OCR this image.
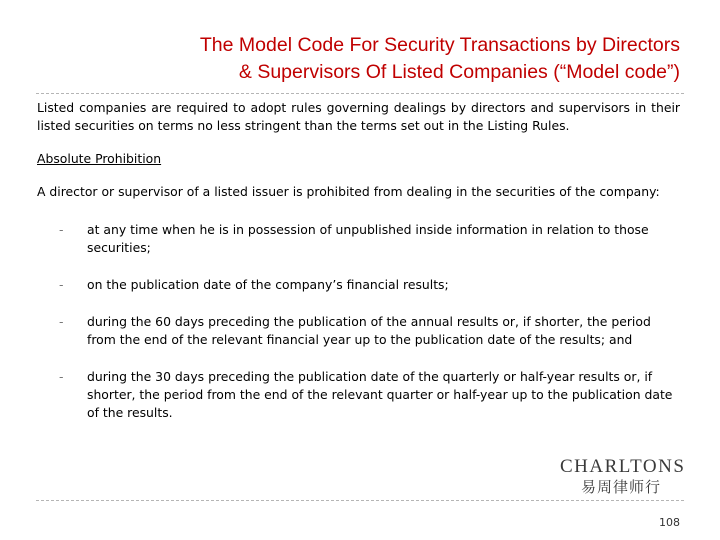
The Model Code For Security Transactions by Directors
& Supervisors Of Listed Companies (“Model code”)

Listed companies are required to adopt rules governing dealings by directors and supervisors in their listed securities on terms no less stringent than the terms set out in the Listing Rules.

Absolute Prohibition

A director or supervisor of a listed issuer is prohibited from dealing in the securities of the company:

- at any time when he is in possession of unpublished inside information in relation to those securities;
- on the publication date of the company’s financial results;
- during the 60 days preceding the publication of the annual results or, if shorter, the period from the end of the relevant financial year up to the publication date of the results; and
- during the 30 days preceding the publication date of the quarterly or half-year results or, if shorter, the period from the end of the relevant quarter or half-year up to the publication date of the results.
CHARLTONS
易周律师行
108
